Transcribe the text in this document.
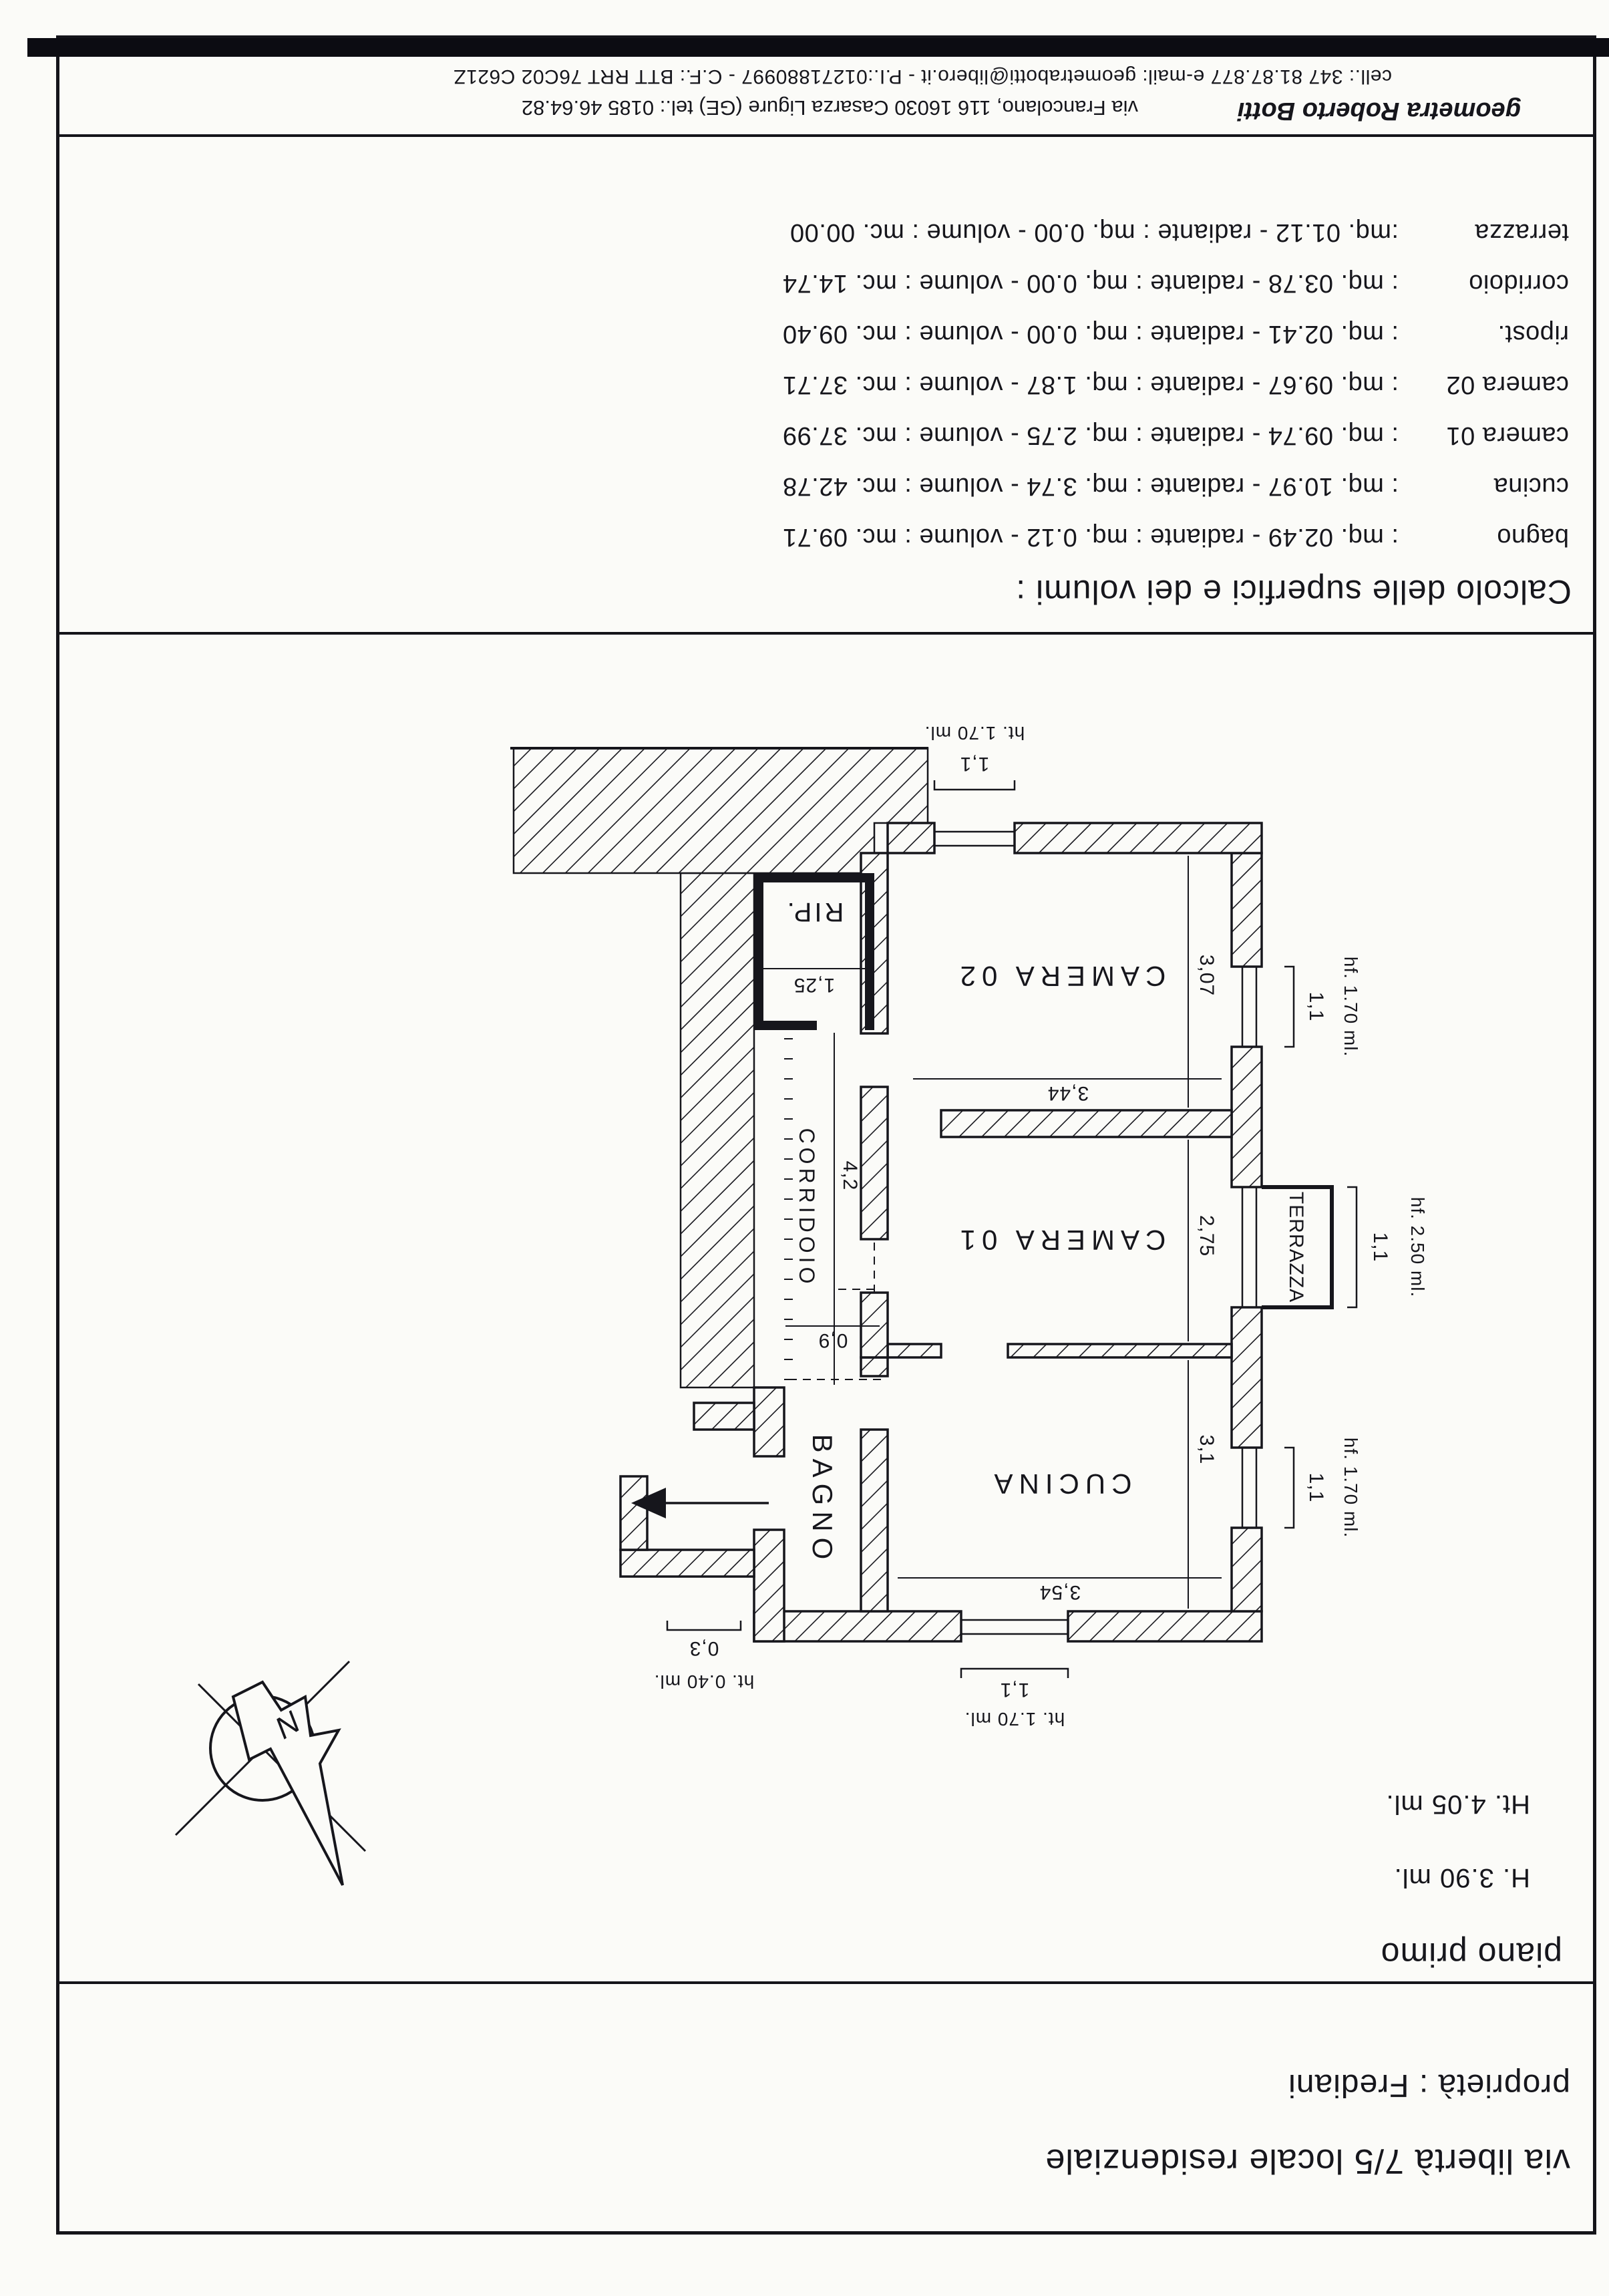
via libertà 7/5 locale residenziale
proprietà : Frediani
piano primo
H. 3.90 ml.
Ht. 4.05 ml.
Calcolo delle superfici e dei volumi :
bagno
: mq. 02.49 - radiante : mq. 0.12 - volume : mc. 09.71
cucina
: mq. 10.97 - radiante : mq. 3.74 - volume : mc. 42.78
camera 01
: mq. 09.74 - radiante : mq. 2.75 - volume : mc. 37.99
camera 02
: mq. 09.67 - radiante : mq. 1.87 - volume : mc. 37.71
ripost.
: mq. 02.41 - radiante : mq. 0.00 - volume : mc. 09.40
corridoio
: mq. 03.78 - radiante : mq. 0.00 - volume : mc. 14.74
terrazza
:mq. 01.12 - radiante : mq. 0.00 - volume : mc. 00.00
geometra Roberto Botti
via Francolano, 116 16030 Casarza Ligure (GE) tel.: 0185 46.64.82
cell.: 347 81.87.877 e-mail: geometrabotti@libero.it - P.I.:01271880997 - C.F.: BTT RRT 76C02 C621Z
CUCINA
CAMERA 01
CAMERA 02
BAGNO
CORRIDOIO	TERRAZZA
RIP.
3,54
3,1
2,75
3,07
3,44
4,2
0,9
1,25
1,1
ht. 1.70 ml.
1,1
ht. 1.70 ml.
1,1 hf. 1.70 ml.
1,1 hf. 1.70 ml.
1,1 hf. 2.50 ml.
0,3
ht. 0.40 ml.
N
